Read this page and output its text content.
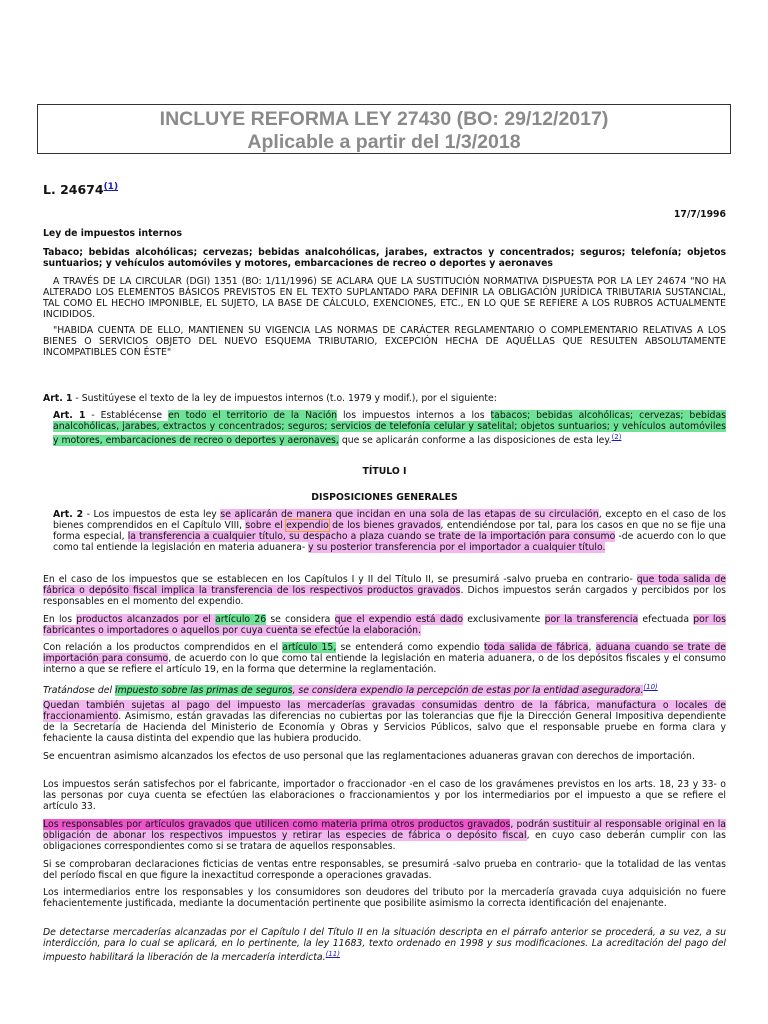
INCLUYE REFORMA LEY 27430 (BO: 29/12/2017)
Aplicable a partir del 1/3/2018
L. 24674$^{(1)}$
17/7/1996

Ley de impuestos internos

Tabaco; bebidas alcohólicas; cervezas; bebidas analcohólicas, jarabes, extractos y concentrados; seguros; telefonía; objetos suntuarios; y vehículos automóviles y motores, embarcaciones de recreo o deportes y aeronaves

A TRAVÉS DE LA CIRCULAR (DGI) 1351 (BO: 1/11/1996) SE ACLARA QUE LA SUSTITUCIÓN NORMATIVA DISPUESTA POR LA LEY 24674 "NO HA ALTERADO LOS ELEMENTOS BÁSICOS PREVISTOS EN EL TEXTO SUPLANTADO PARA DEFINIR LA OBLIGACIÓN JURÍDICA TRIBUTARIA SUSTANCIAL, TAL COMO EL HECHO IMPONIBLE, EL SUJETO, LA BASE DE CÁLCULO, EXENCIONES, ETC., EN LO QUE SE REFIERE A LOS RUBROS ACTUALMENTE INCIDIDOS.

"HABIDA CUENTA DE ELLO, MANTIENEN SU VIGENCIA LAS NORMAS DE CARÁCTER REGLAMENTARIO O COMPLEMENTARIO RELATIVAS A LOS BIENES O SERVICIOS OBJETO DEL NUEVO ESQUEMA TRIBUTARIO, EXCEPCIÓN HECHA DE AQUÉLLAS QUE RESULTEN ABSOLUTAMENTE INCOMPATIBLES CON ÉSTE"

Art. 1 - Sustitúyese el texto de la ley de impuestos internos (t.o. 1979 y modif.), por el siguiente:

Art. 1 - Establécense en todo el territorio de la Nación los impuestos internos a los tabacos; bebidas alcohólicas; cervezas; bebidas analcohólicas, jarabes, extractos y concentrados; seguros; servicios de telefonía celular y satelital; objetos suntuarios; y vehículos automóviles y motores, embarcaciones de recreo o deportes y aeronaves, que se aplicarán conforme a las disposiciones de esta ley.$^{(2)}$

TÍTULO I

DISPOSICIONES GENERALES

Art. 2 - Los impuestos de esta ley se aplicarán de manera que incidan en una sola de las etapas de su circulación, excepto en el caso de los bienes comprendidos en el Capítulo VIII, sobre el expendio de los bienes gravados, entendiéndose por tal, para los casos en que no se fije una forma especial, la transferencia a cualquier título, su despacho a plaza cuando se trate de la importación para consumo -de acuerdo con lo que como tal entiende la legislación en materia aduanera- y su posterior transferencia por el importador a cualquier título.

En el caso de los impuestos que se establecen en los Capítulos I y II del Título II, se presumirá -salvo prueba en contrario- que toda salida de fábrica o depósito fiscal implica la transferencia de los respectivos productos gravados. Dichos impuestos serán cargados y percibidos por los responsables en el momento del expendio.

En los productos alcanzados por el artículo 26 se considera que el expendio está dado exclusivamente por la transferencia efectuada por los fabricantes o importadores o aquellos por cuya cuenta se efectúe la elaboración.

Con relación a los productos comprendidos en el artículo 15, se entenderá como expendio toda salida de fábrica, aduana cuando se trate de importación para consumo, de acuerdo con lo que como tal entiende la legislación en materia aduanera, o de los depósitos fiscales y el consumo interno a que se refiere el artículo 19, en la forma que determine la reglamentación.

Tratándose del impuesto sobre las primas de seguros, se considera expendio la percepción de estas por la entidad aseguradora.$^{(10)}$

Quedan también sujetas al pago del impuesto las mercaderías gravadas consumidas dentro de la fábrica, manufactura o locales de fraccionamiento. Asimismo, están gravadas las diferencias no cubiertas por las tolerancias que fije la Dirección General Impositiva dependiente de la Secretaría de Hacienda del Ministerio de Economía y Obras y Servicios Públicos, salvo que el responsable pruebe en forma clara y fehaciente la causa distinta del expendio que las hubiera producido.

Se encuentran asimismo alcanzados los efectos de uso personal que las reglamentaciones aduaneras gravan con derechos de importación.

Los impuestos serán satisfechos por el fabricante, importador o fraccionador -en el caso de los gravámenes previstos en los arts. 18, 23 y 33- o las personas por cuya cuenta se efectúen las elaboraciones o fraccionamientos y por los intermediarios por el impuesto a que se refiere el artículo 33.

Los responsables por artículos gravados que utilicen como materia prima otros productos gravados, podrán sustituir al responsable original en la obligación de abonar los respectivos impuestos y retirar las especies de fábrica o depósito fiscal, en cuyo caso deberán cumplir con las obligaciones correspondientes como si se tratara de aquellos responsables.

Si se comprobaran declaraciones ficticias de ventas entre responsables, se presumirá -salvo prueba en contrario- que la totalidad de las ventas del período fiscal en que figure la inexactitud corresponde a operaciones gravadas.

Los intermediarios entre los responsables y los consumidores son deudores del tributo por la mercadería gravada cuya adquisición no fuere fehacientemente justificada, mediante la documentación pertinente que posibilite asimismo la correcta identificación del enajenante.

De detectarse mercaderías alcanzadas por el Capítulo I del Título II en la situación descripta en el párrafo anterior se procederá, a su vez, a su interdicción, para lo cual se aplicará, en lo pertinente, la ley 11683, texto ordenado en 1998 y sus modificaciones. La acreditación del pago del impuesto habilitará la liberación de la mercadería interdicta.$^{(11)}$
